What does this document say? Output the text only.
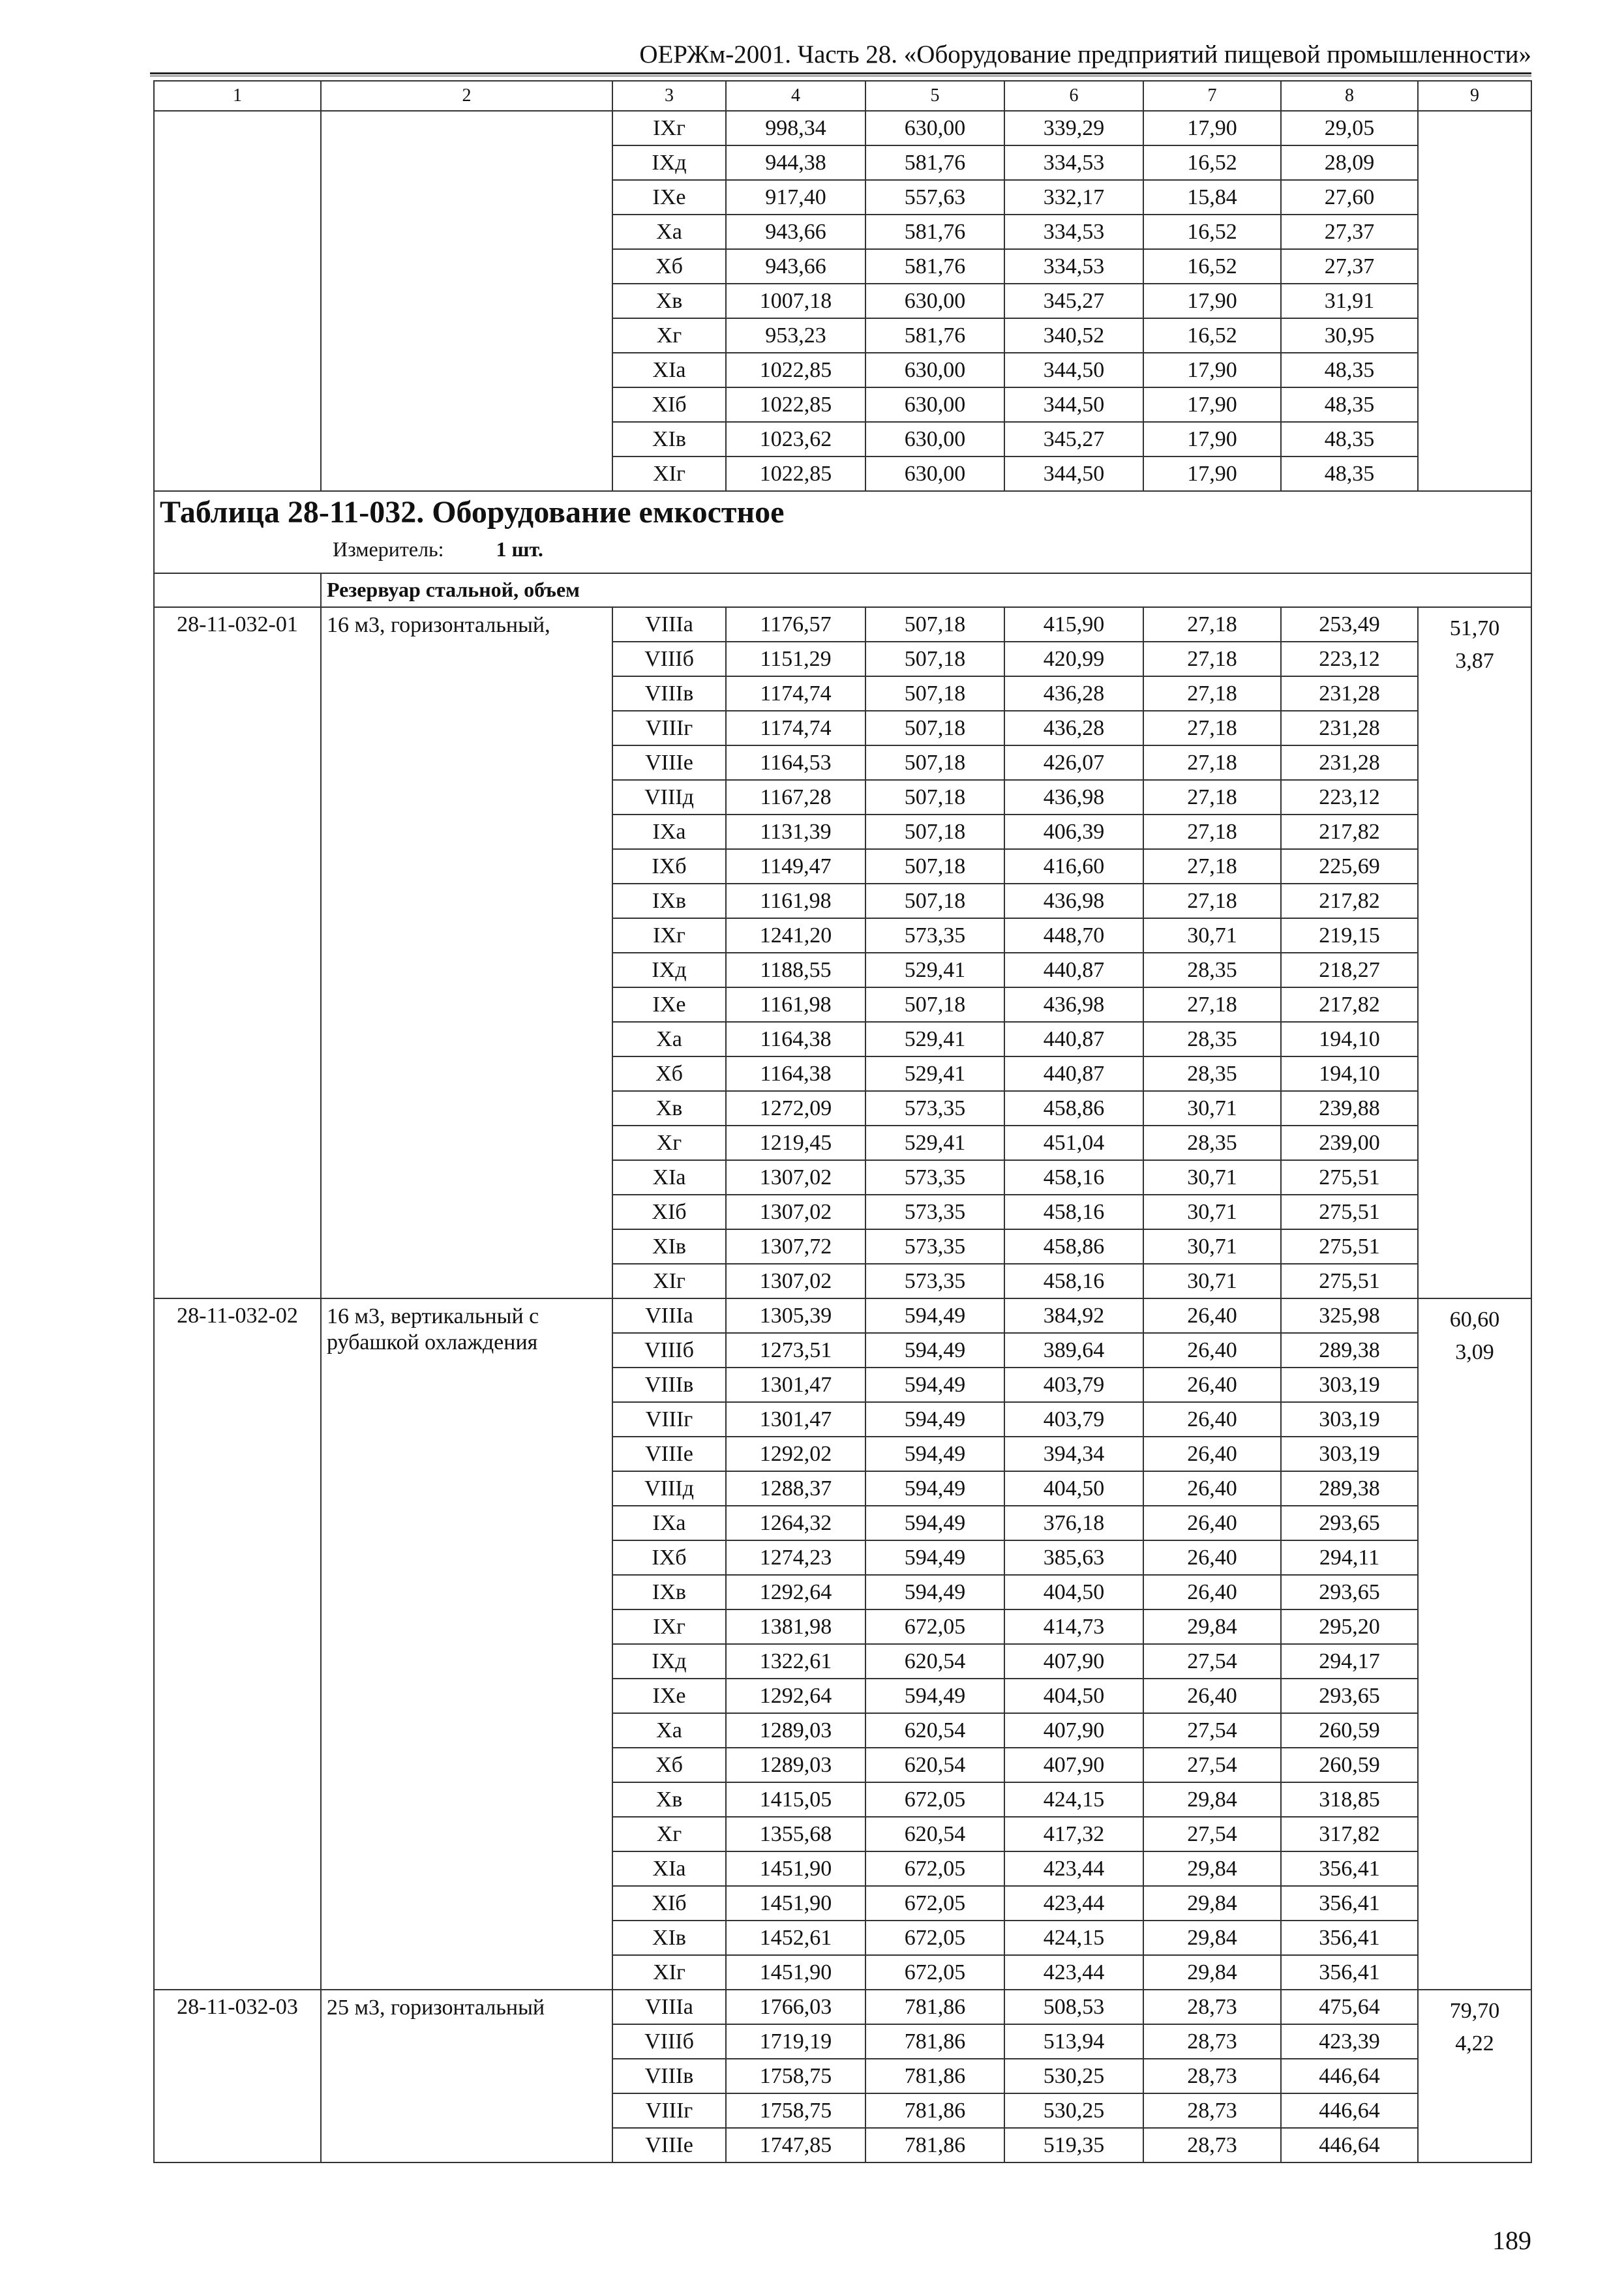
ОЕРЖм-2001. Часть 28. «Оборудование предприятий пищевой промышленности»
1	2	3	4	5	6	7	8	9
		IXг	998,34	630,00	339,29	17,90	29,05	
		IXд	944,38	581,76	334,53	16,52	28,09	
		IXе	917,40	557,63	332,17	15,84	27,60	
		Xа	943,66	581,76	334,53	16,52	27,37	
		Xб	943,66	581,76	334,53	16,52	27,37	
		Xв	1007,18	630,00	345,27	17,90	31,91	
		Xг	953,23	581,76	340,52	16,52	30,95	
		XIа	1022,85	630,00	344,50	17,90	48,35	
		XIб	1022,85	630,00	344,50	17,90	48,35	
		XIв	1023,62	630,00	345,27	17,90	48,35	
		XIг	1022,85	630,00	344,50	17,90	48,35	

Таблица 28-11-032. Оборудование емкостное
Измеритель: 1 шт.								

	Резервуар стальной, объем							
28-11-032-01	16 м3, горизонтальный,	VIIIа	1176,57	507,18	415,90	27,18	253,49	51,70
3,87

		VIIIб	1151,29	507,18	420,99	27,18	223,12	
		VIIIв	1174,74	507,18	436,28	27,18	231,28	
		VIIIг	1174,74	507,18	436,28	27,18	231,28	
		VIIIе	1164,53	507,18	426,07	27,18	231,28	
		VIIIд	1167,28	507,18	436,98	27,18	223,12	
		IXа	1131,39	507,18	406,39	27,18	217,82	
		IXб	1149,47	507,18	416,60	27,18	225,69	
		IXв	1161,98	507,18	436,98	27,18	217,82	
		IXг	1241,20	573,35	448,70	30,71	219,15	
		IXд	1188,55	529,41	440,87	28,35	218,27	
		IXе	1161,98	507,18	436,98	27,18	217,82	
		Xа	1164,38	529,41	440,87	28,35	194,10	
		Xб	1164,38	529,41	440,87	28,35	194,10	
		Xв	1272,09	573,35	458,86	30,71	239,88	
		Xг	1219,45	529,41	451,04	28,35	239,00	
		XIа	1307,02	573,35	458,16	30,71	275,51	
		XIб	1307,02	573,35	458,16	30,71	275,51	
		XIв	1307,72	573,35	458,86	30,71	275,51	
		XIг	1307,02	573,35	458,16	30,71	275,51	
28-11-032-02	16 м3, вертикальный с рубашкой охлаждения	VIIIа	1305,39	594,49	384,92	26,40	325,98	60,60
3,09

		VIIIб	1273,51	594,49	389,64	26,40	289,38	
		VIIIв	1301,47	594,49	403,79	26,40	303,19	
		VIIIг	1301,47	594,49	403,79	26,40	303,19	
		VIIIе	1292,02	594,49	394,34	26,40	303,19	
		VIIIд	1288,37	594,49	404,50	26,40	289,38	
		IXа	1264,32	594,49	376,18	26,40	293,65	
		IXб	1274,23	594,49	385,63	26,40	294,11	
		IXв	1292,64	594,49	404,50	26,40	293,65	
		IXг	1381,98	672,05	414,73	29,84	295,20	
		IXд	1322,61	620,54	407,90	27,54	294,17	
		IXе	1292,64	594,49	404,50	26,40	293,65	
		Xа	1289,03	620,54	407,90	27,54	260,59	
		Xб	1289,03	620,54	407,90	27,54	260,59	
		Xв	1415,05	672,05	424,15	29,84	318,85	
		Xг	1355,68	620,54	417,32	27,54	317,82	
		XIа	1451,90	672,05	423,44	29,84	356,41	
		XIб	1451,90	672,05	423,44	29,84	356,41	
		XIв	1452,61	672,05	424,15	29,84	356,41	
		XIг	1451,90	672,05	423,44	29,84	356,41	
28-11-032-03	25 м3, горизонтальный	VIIIа	1766,03	781,86	508,53	28,73	475,64	79,70
4,22

		VIIIб	1719,19	781,86	513,94	28,73	423,39	
		VIIIв	1758,75	781,86	530,25	28,73	446,64	
		VIIIг	1758,75	781,86	530,25	28,73	446,64	
		VIIIе	1747,85	781,86	519,35	28,73	446,64	
189
